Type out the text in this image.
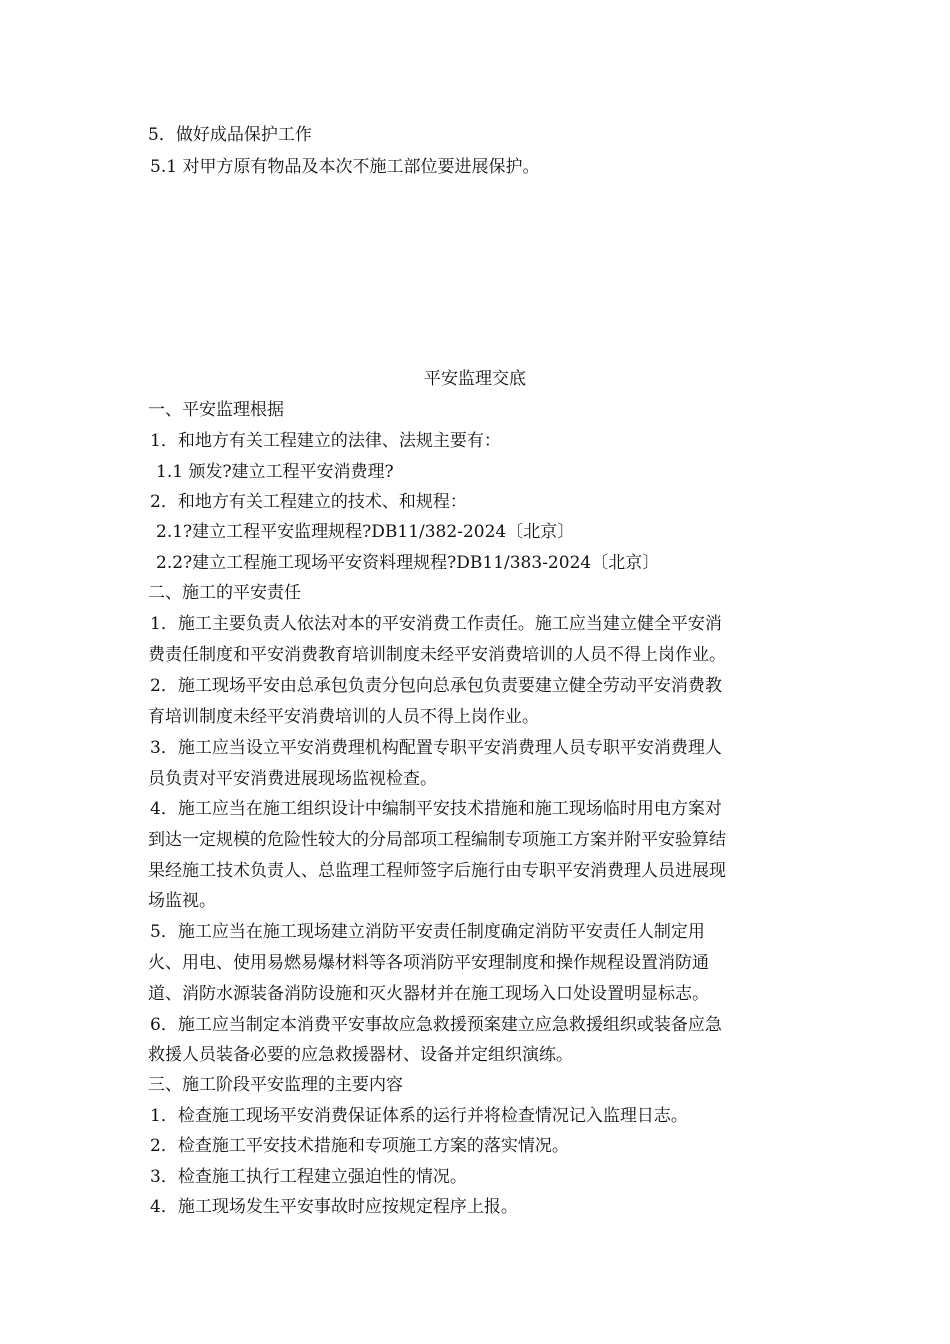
5．做好成品保护工作
5.1 对甲方原有物品及本次不施工部位要进展保护。
平安监理交底
一、平安监理根据
1．和地方有关工程建立的法律、法规主要有：
1.1 颁发?建立工程平安消费理?
2．和地方有关工程建立的技术、和规程：
2.1?建立工程平安监理规程?DB11/382-2024〔北京〕
2.2?建立工程施工现场平安资料理规程?DB11/383-2024〔北京〕
二、施工的平安责任
1．施工主要负责人依法对本的平安消费工作责任。施工应当建立健全平安消
费责任制度和平安消费教育培训制度未经平安消费培训的人员不得上岗作业。
2．施工现场平安由总承包负责分包向总承包负责要建立健全劳动平安消费教
育培训制度未经平安消费培训的人员不得上岗作业。
3．施工应当设立平安消费理机构配置专职平安消费理人员专职平安消费理人
员负责对平安消费进展现场监视检查。
4．施工应当在施工组织设计中编制平安技术措施和施工现场临时用电方案对
到达一定规模的危险性较大的分局部项工程编制专项施工方案并附平安验算结
果经施工技术负责人、总监理工程师签字后施行由专职平安消费理人员进展现
场监视。
5．施工应当在施工现场建立消防平安责任制度确定消防平安责任人制定用
火、用电、使用易燃易爆材料等各项消防平安理制度和操作规程设置消防通
道、消防水源装备消防设施和灭火器材并在施工现场入口处设置明显标志。
6．施工应当制定本消费平安事故应急救援预案建立应急救援组织或装备应急
救援人员装备必要的应急救援器材、设备并定组织演练。
三、施工阶段平安监理的主要内容
1．检查施工现场平安消费保证体系的运行并将检查情况记入监理日志。
2．检查施工平安技术措施和专项施工方案的落实情况。
3．检查施工执行工程建立强迫性的情况。
4．施工现场发生平安事故时应按规定程序上报。
